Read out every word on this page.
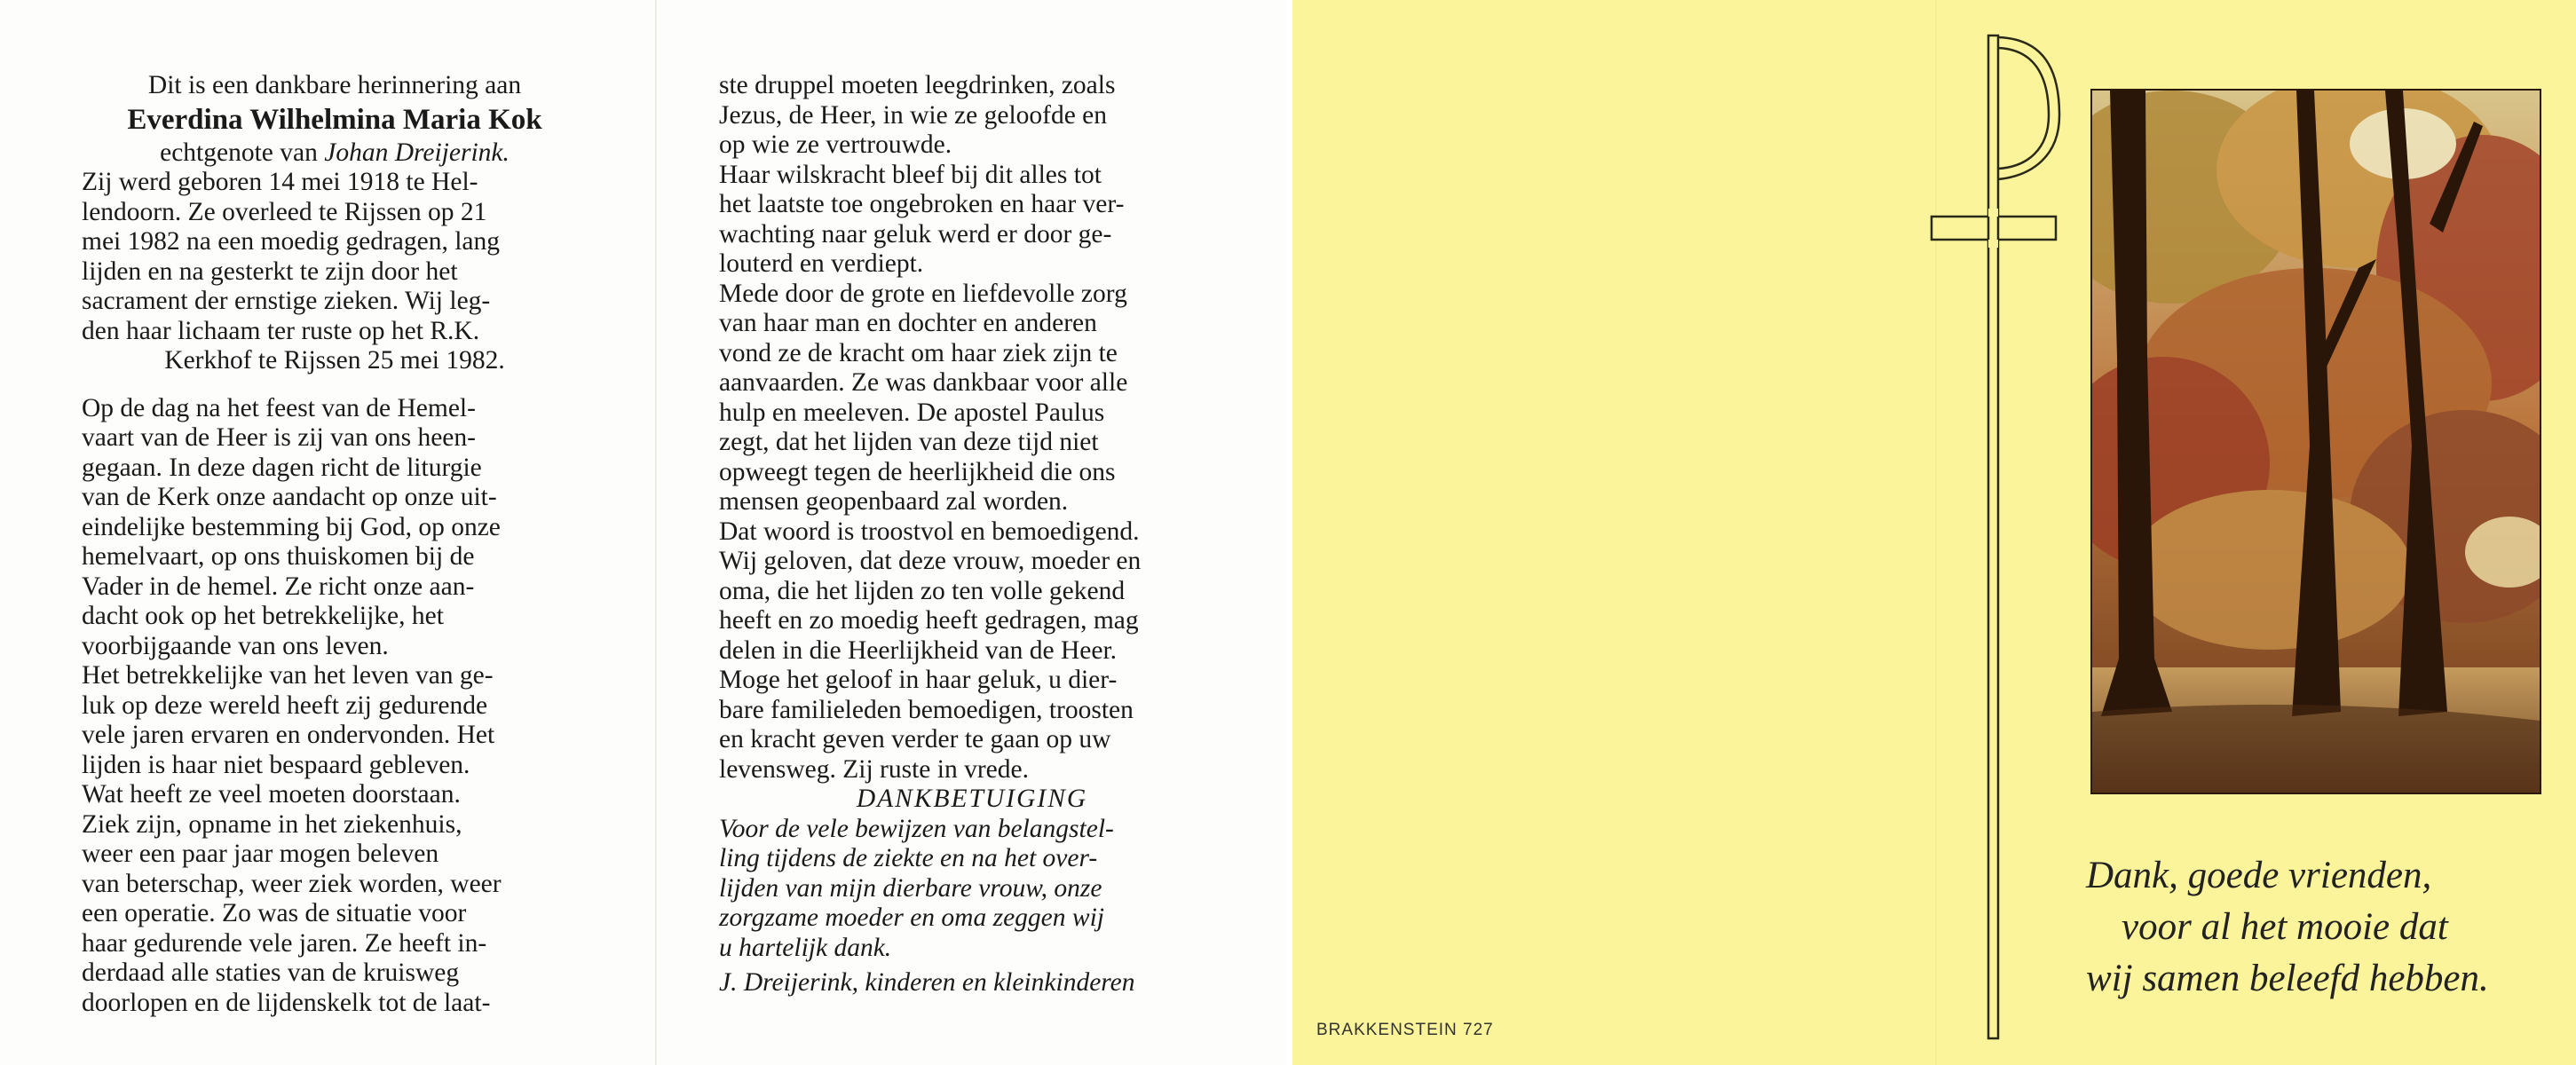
Dit is een dankbare herinnering aan

Everdina Wilhelmina Maria Kok

echtgenote van Johan Dreijerink.

Zij werd geboren 14 mei 1918 te Hel-

lendoorn. Ze overleed te Rijssen op 21

mei 1982 na een moedig gedragen, lang

lijden en na gesterkt te zijn door het

sacrament der ernstige zieken. Wij leg-

den haar lichaam ter ruste op het R.K.

Kerkhof te Rijssen 25 mei 1982.

Op de dag na het feest van de Hemel-

vaart van de Heer is zij van ons heen-

gegaan. In deze dagen richt de liturgie

van de Kerk onze aandacht op onze uit-

eindelijke bestemming bij God, op onze

hemelvaart, op ons thuiskomen bij de

Vader in de hemel. Ze richt onze aan-

dacht ook op het betrekkelijke, het

voorbijgaande van ons leven.

Het betrekkelijke van het leven van ge-

luk op deze wereld heeft zij gedurende

vele jaren ervaren en ondervonden. Het

lijden is haar niet bespaard gebleven.

Wat heeft ze veel moeten doorstaan.

Ziek zijn, opname in het ziekenhuis,

weer een paar jaar mogen beleven

van beterschap, weer ziek worden, weer

een operatie. Zo was de situatie voor

haar gedurende vele jaren. Ze heeft in-

derdaad alle staties van de kruisweg

doorlopen en de lijdenskelk tot de laat-

ste druppel moeten leegdrinken, zoals

Jezus, de Heer, in wie ze geloofde en

op wie ze vertrouwde.

Haar wilskracht bleef bij dit alles tot

het laatste toe ongebroken en haar ver-

wachting naar geluk werd er door ge-

louterd en verdiept.

Mede door de grote en liefdevolle zorg

van haar man en dochter en anderen

vond ze de kracht om haar ziek zijn te

aanvaarden. Ze was dankbaar voor alle

hulp en meeleven. De apostel Paulus

zegt, dat het lijden van deze tijd niet

opweegt tegen de heerlijkheid die ons

mensen geopenbaard zal worden.

Dat woord is troostvol en bemoedigend.

Wij geloven, dat deze vrouw, moeder en

oma, die het lijden zo ten volle gekend

heeft en zo moedig heeft gedragen, mag

delen in die Heerlijkheid van de Heer.

Moge het geloof in haar geluk, u dier-

bare familieleden bemoedigen, troosten

en kracht geven verder te gaan op uw

levensweg. Zij ruste in vrede.

DANKBETUIGING

Voor de vele bewijzen van belangstel-

ling tijdens de ziekte en na het over-

lijden van mijn dierbare vrouw, onze

zorgzame moeder en oma zeggen wij

u hartelijk dank.

J. Dreijerink, kinderen en kleinkinderen

BRAKKENSTEIN 727
Dank, goede vrienden,
voor al het mooie dat
wij samen beleefd hebben.
